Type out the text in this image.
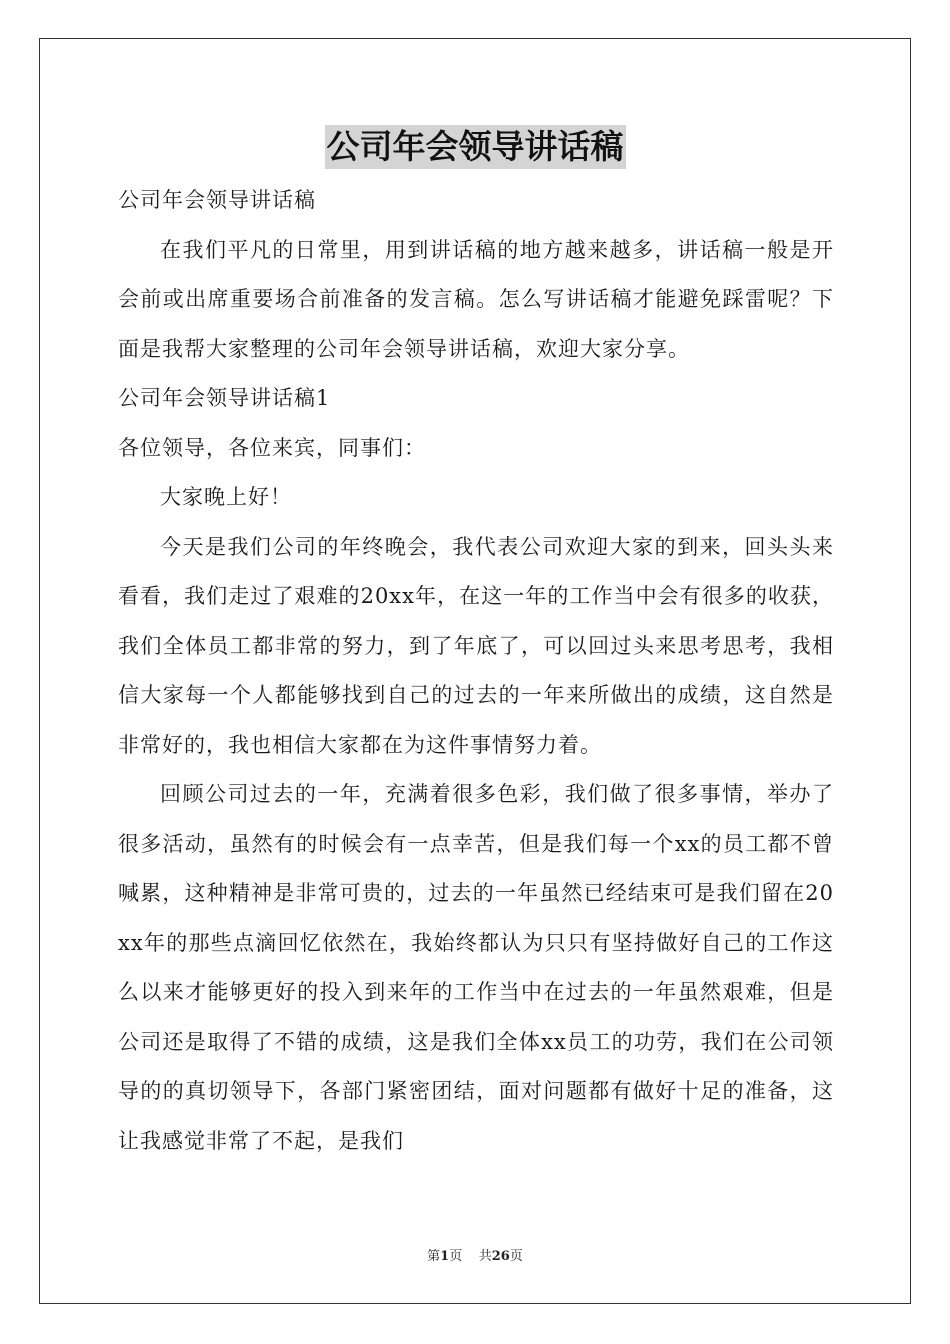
公司年会领导讲话稿

公司年会领导讲话稿

在我们平凡的日常里，用到讲话稿的地方越来越多，讲话稿一般是开会前或出席重要场合前准备的发言稿。怎么写讲话稿才能避免踩雷呢？下面是我帮大家整理的公司年会领导讲话稿，欢迎大家分享。

公司年会领导讲话稿1

各位领导，各位来宾，同事们：

大家晚上好！

今天是我们公司的年终晚会，我代表公司欢迎大家的到来，回头头来看看，我们走过了艰难的20xx年，在这一年的工作当中会有很多的收获，我们全体员工都非常的努力，到了年底了，可以回过头来思考思考，我相信大家每一个人都能够找到自己的过去的一年来所做出的成绩，这自然是非常好的，我也相信大家都在为这件事情努力着。

回顾公司过去的一年，充满着很多色彩，我们做了很多事情，举办了很多活动，虽然有的时候会有一点幸苦，但是我们每一个xx的员工都不曾喊累，这种精神是非常可贵的，过去的一年虽然已经结束可是我们留在20xx年的那些点滴回忆依然在，我始终都认为只只有坚持做好自己的工作这么以来才能够更好的投入到来年的工作当中在过去的一年虽然艰难，但是公司还是取得了不错的成绩，这是我们全体xx员工的功劳，我们在公司领导的的真切领导下，各部门紧密团结，面对问题都有做好十足的准备，这让我感觉非常了不起，是我们

第1页 共26页
